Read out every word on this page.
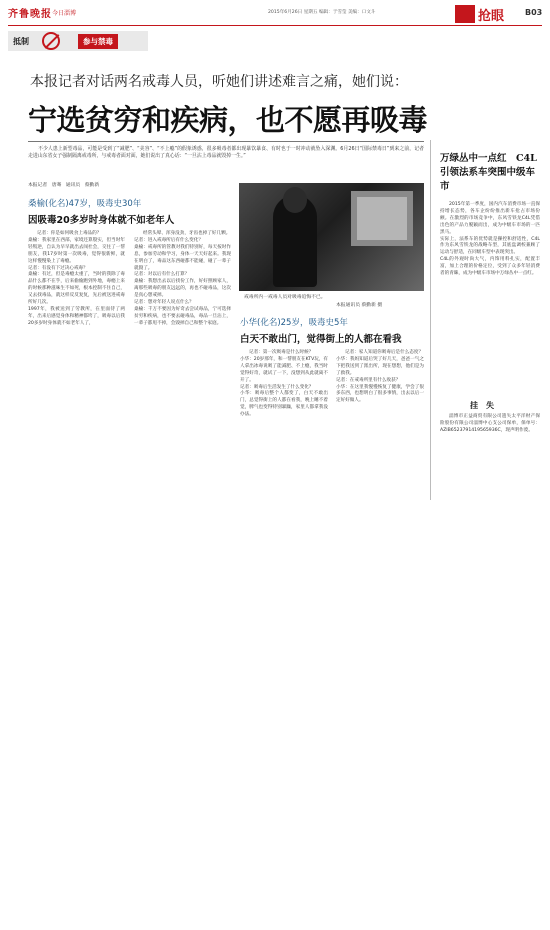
齐鲁晚报 今日淄博	2015年6月26日 星期五 编辑：于雪莹 美编：口文斗	抢眼	B03
抵制	参与禁毒
本报记者对话两名戒毒人员，听她们讲述难言之痛，她们说：
宁选贫穷和疾病，也不愿再吸毒
不少人患上新型毒品，可能是受到了“减肥”、“美容”、“不上瘾”的假象诱惑，很多吸毒者都出现暴饮暴食、有时也于一时冲动就坠入深渊。6月26日“国际禁毒日”到来之前，记者走进山东省女子强制隔离戒毒所，与戒毒者面对面，她们说出了真心话：“一旦沾上毒品就毁掉一生。”
本报记者 唐骞 通讯员 蔡勤新
桑榆(化名)47岁，吸毒史30年
因吸毒20多岁时身体就不如老年人
记者：你是如何吸食上毒品的？
桑榆：我家里在西部，家境还算殷实，但当时年轻叛逆，自认为早早就出去闯社会，交往了一帮朋友，我17岁时第一次吸毒，觉得很新鲜，就这样慢慢染上了毒瘾。
记者：有没有下过决心戒毒？
桑榆：有过，但是毒瘾太重了，当时的我除了毒品什么都不在乎，后来偷偷跑到外地，毒瘾上来的时候那种滋味生不如死，根本控制不住自己，又去找毒品，就这样反反复复，先后被送进戒毒所好几次。
1997年，我被送到了劳教所，在里面待了两年，出来后感觉身体和精神都垮了，吸毒以后我20多岁时身体就不如老年人了，
经常头晕、浑身没劲，牙齿也掉了好几颗。
记者：进入戒毒所后有什么变化？
桑榆：戒毒所的管教对我们特别好，每天按时作息，参加劳动和学习，身体一天天好起来。我现在明白了，毒品这东西碰都不能碰，碰了一辈子就毁了。
记者：对以后有什么打算？
桑榆：我想出去以后找份工作，好好照顾家人，离那些吸毒的朋友远远的，再也不碰毒品，这次是真心想戒掉。
记者：想对年轻人说点什么？
桑榆：千万不要因为好奇去尝试毒品，宁可选择贫穷和疾病，也不要去碰毒品，毒品一旦沾上，一辈子都甩不掉，会毁掉自己和整个家庭。
戒毒所内一戒毒人员对吸毒追悔不已。
本报通讯员 蔡勤新 摄
小华(化名)25岁，吸毒史5年
白天不敢出门，觉得街上的人都在看我
记者：第一次吸毒是什么时候？
小华：20岁那年，和一帮朋友在KTV玩，有人拿出冰毒说吸了能减肥、不上瘾，我当时觉得好奇，就试了一下，没想到从此就离不开了。
记者：吸毒后生活发生了什么变化？
小华：吸毒后整个人都变了，白天不敢出门，总觉得街上的人都在看我，晚上睡不着觉，脾气也变得特别暴躁，家里人都拿我没办法。
记者：家人知道你吸毒后是什么态度？
小华：我妈知道后哭了好几天，爸爸一气之下把我送到了派出所，现在想想，他们是为了救我。
记者：在戒毒所里有什么收获？
小华：在这里我慢慢恢复了健康，学会了很多东西，也想明白了很多事情，出去以后一定好好做人。
万绿丛中一点红　C4L引领法系车突围中级车市
2015年第一季度，国内汽车消费市场一直保持增长态势，各车企纷纷推出新车抢占市场份额。在激烈的市场竞争中，东风雪铁龙C4L凭借出色的产品力脱颖而出，成为中级车市场的一匹黑马。
实际上，法系车的优势就是操控和舒适性，C4L作为东风雪铁龙的战略车型，其底盘调校兼顾了运动与舒适，在同级车型中表现突出。
C4L的外观时尚大气，内饰用料扎实，配置丰富，加上合理的价格定位，受到了众多年轻消费者的青睐，成为中级车市场中万绿丛中一点红。
挂失
淄博市正益商贸有限公司遗失太平洋财产保险股份有限公司淄博中心支公司保单，保单号：AZIB6523791419565936C，现声明作废。
